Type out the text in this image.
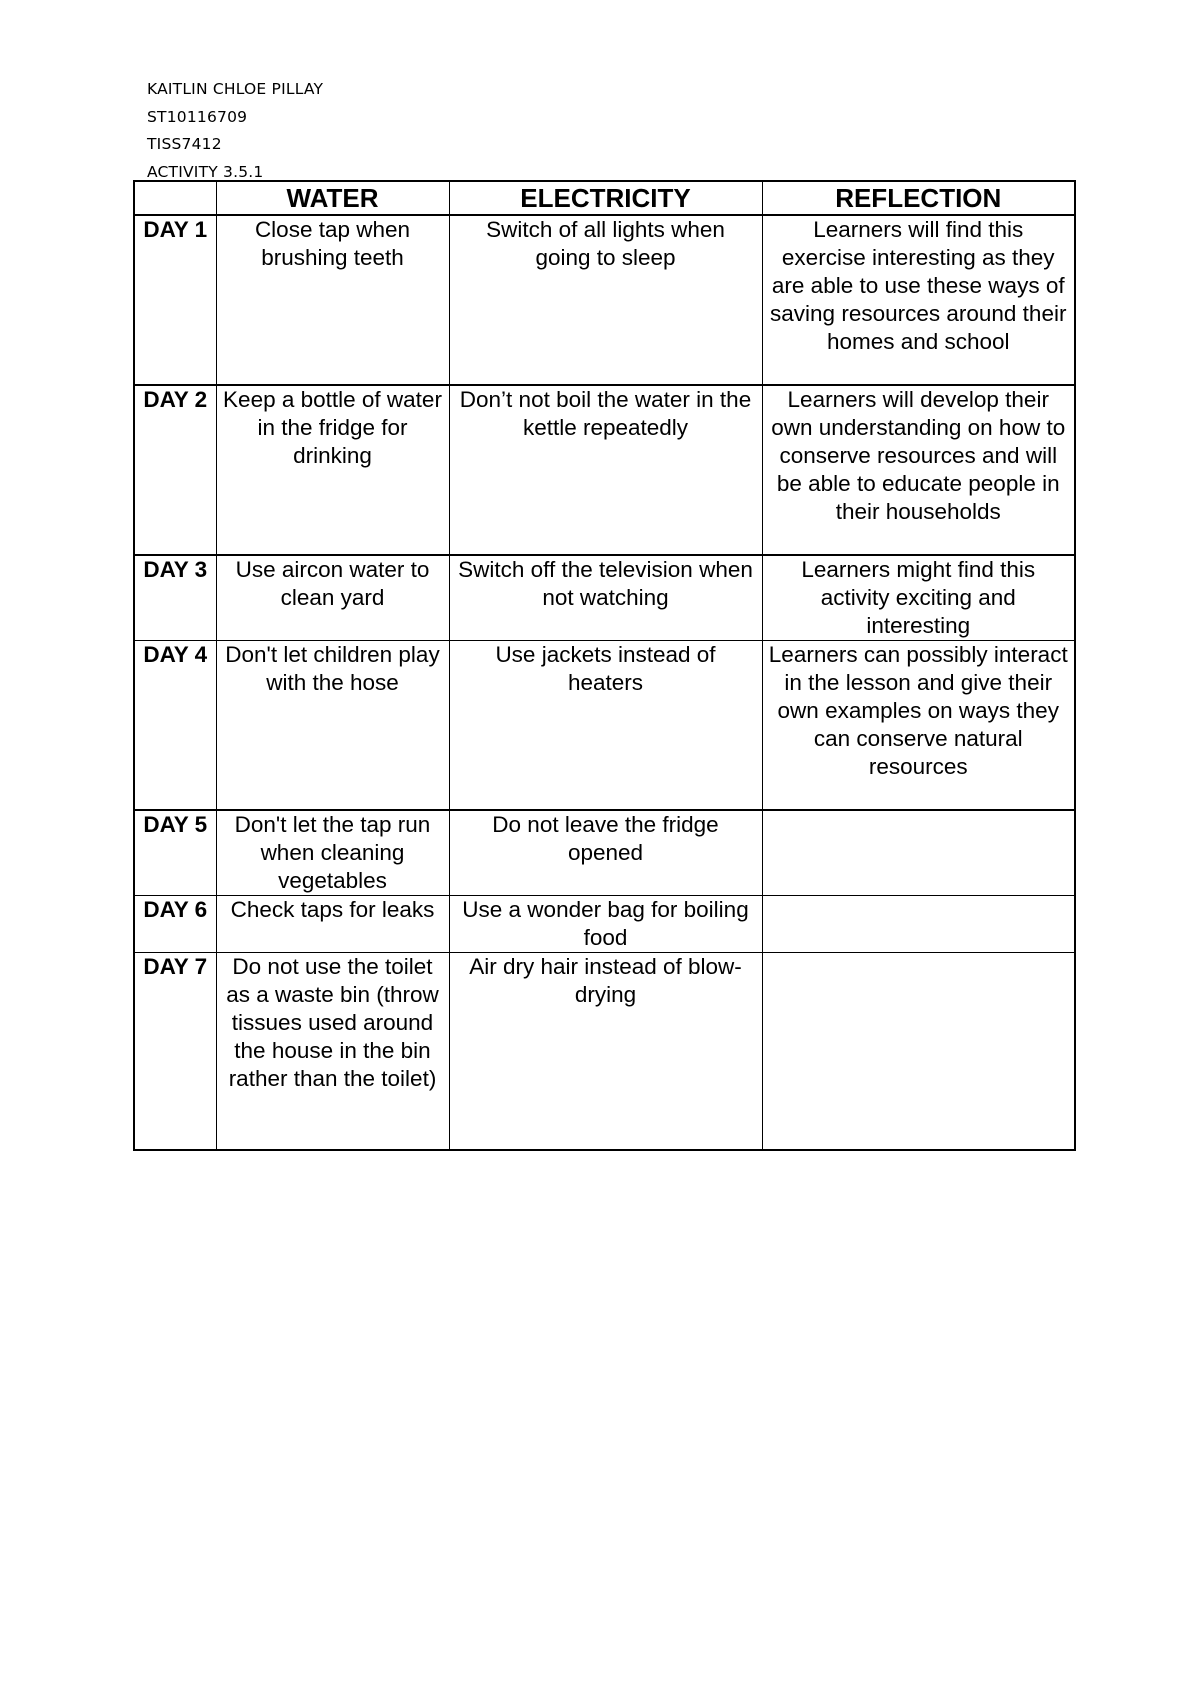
KAITLIN CHLOE PILLAY
ST10116709
TISS7412
ACTIVITY 3.5.1
	WATER	ELECTRICITY	REFLECTION
DAY 1	Close tap when brushing teeth	Switch of all lights when going to sleep	Learners will find this exercise interesting as they are able to use these ways of saving resources around their homes and school
DAY 2	Keep a bottle of water in the fridge for drinking	Don’t not boil the water in the kettle repeatedly	Learners will develop their own understanding on how to conserve resources and will be able to educate people in their households
DAY 3	Use aircon water to clean yard	Switch off the television when not watching	Learners might find this activity exciting and interesting
DAY 4	Don't let children play with the hose	Use jackets instead of heaters	Learners can possibly interact in the lesson and give their own examples on ways they can conserve natural resources
DAY 5	Don't let the tap run when cleaning vegetables	Do not leave the fridge opened	
DAY 6	Check taps for leaks	Use a wonder bag for boiling food	
DAY 7	Do not use the toilet as a waste bin (throw tissues used around the house in the bin rather than the toilet)	Air dry hair instead of blow-drying	
